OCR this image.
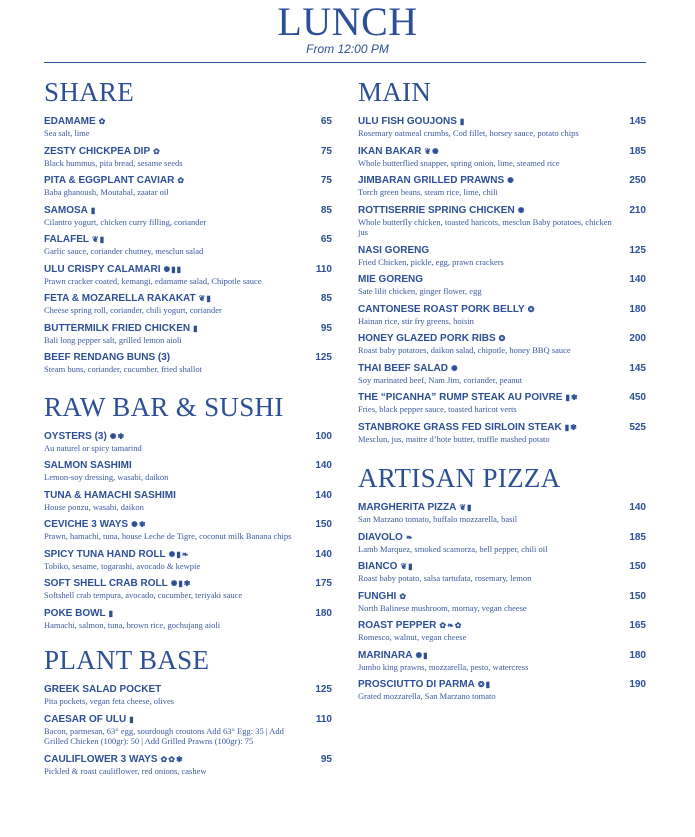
LUNCH
From 12:00 PM
SHARE
EDAMAME ✿	65
Sea salt, lime
ZESTY CHICKPEA DIP ✿	75
Black hummus, pita bread, sesame seeds
PITA & EGGPLANT CAVIAR ✿	75
Baba ghanoush, Moutabal, zaatar oil
SAMOSA ▮	85
Cilantro yogurt, chicken curry filling, coriander
FALAFEL ❦▮	65
Garlic sauce, coriander chutney, mesclun salad
ULU CRISPY CALAMARI ✺▮▮	110
Prawn cracker coated, kemangi, edamame salad, Chipotle sauce
FETA & MOZARELLA RAKAKAT ❦▮	85
Cheese spring roll, coriander, chili yogurt, coriander
BUTTERMILK FRIED CHICKEN ▮	95
Bali long pepper salt, grilled lemon aioli
BEEF RENDANG BUNS (3)	125
Steam buns, coriander, cucumber, fried shallot
RAW BAR & SUSHI
OYSTERS (3) ✺✾	100
Au naturel or spicy tamarind
SALMON SASHIMI	140
Lemon-soy dressing, wasabi, daikon
TUNA & HAMACHI SASHIMI	140
House ponzu, wasabi, daikon
CEVICHE 3 WAYS ✺✾	150
Prawn, hamachi, tuna, house Leche de Tigre, coconut milk Banana chips
SPICY TUNA HAND ROLL ✺▮❧	140
Tobiko, sesame, togarashi, avocado & kewpie
SOFT SHELL CRAB ROLL ✺▮✾	175
Softshell crab tempura, avocado, cucumber, teriyaki sauce
POKE BOWL ▮	180
Hamachi, salmon, tuna, brown rice, gochujang aioli
PLANT BASE
GREEK SALAD POCKET	125
Pita pockets, vegan feta cheese, olives
CAESAR OF ULU ▮	110
Bacon, parmesan, 63° egg, sourdough croutons Add 63° Egg: 35 | Add Grilled Chicken (100gr): 50 | Add Grilled Prawns (100gr): 75
CAULIFLOWER 3 WAYS ✿✿✾	95
Pickled & roast cauliflower, red onions, cashew
MAIN
ULU FISH GOUJONS ▮	145
Rosemary oatmeal crumbs, Cod fillet, horsey sauce, potato chips
IKAN BAKAR ❦✺	185
Whole butterflied snapper, spring onion, lime, steamed rice
JIMBARAN GRILLED PRAWNS ✺	250
Torch green beans, steam rice, lime, chili
ROTTISERRIE SPRING CHICKEN ✺	210
Whole butterfly chicken, toasted haricots, mesclun Baby potatoes, chicken jus
NASI GORENG	125
Fried Chicken, pickle, egg, prawn crackers
MIE GORENG	140
Sate lilit chicken, ginger flower, egg
CANTONESE ROAST PORK BELLY ❂	180
Hainan rice, stir fry greens, hoisin
HONEY GLAZED PORK RIBS ❂	200
Roast baby potatoes, daikon salad, chipotle, honey BBQ sauce
THAI BEEF SALAD ✺	145
Soy marinated beef, Nam Jim, coriander, peanut
THE “PICANHA” RUMP STEAK AU POIVRE ▮✾	450
Fries, black pepper sauce, toasted haricot verts
STANBROKE GRASS FED SIRLOIN STEAK ▮✾	525
Mesclun, jus, maitre d’hote butter, truffle mashed potato
ARTISAN PIZZA
MARGHERITA PIZZA ❦▮	140
San Marzano tomato, buffalo mozzarella, basil
DIAVOLO ❧	185
Lamb Marquez, smoked scamorza, bell pepper, chili oil
BIANCO ❦▮	150
Roast baby potato, salsa tartufata, rosemary, lemon
FUNGHI ✿	150
North Balinese mushroom, mornay, vegan cheese
ROAST PEPPER ✿❧✿	165
Romesco, walnut, vegan cheese
MARINARA ✺▮	180
Jumbo king prawns, mozzarella, pesto, watercress
PROSCIUTTO DI PARMA ❂▮	190
Grated mozzarella, San Marzano tomato
